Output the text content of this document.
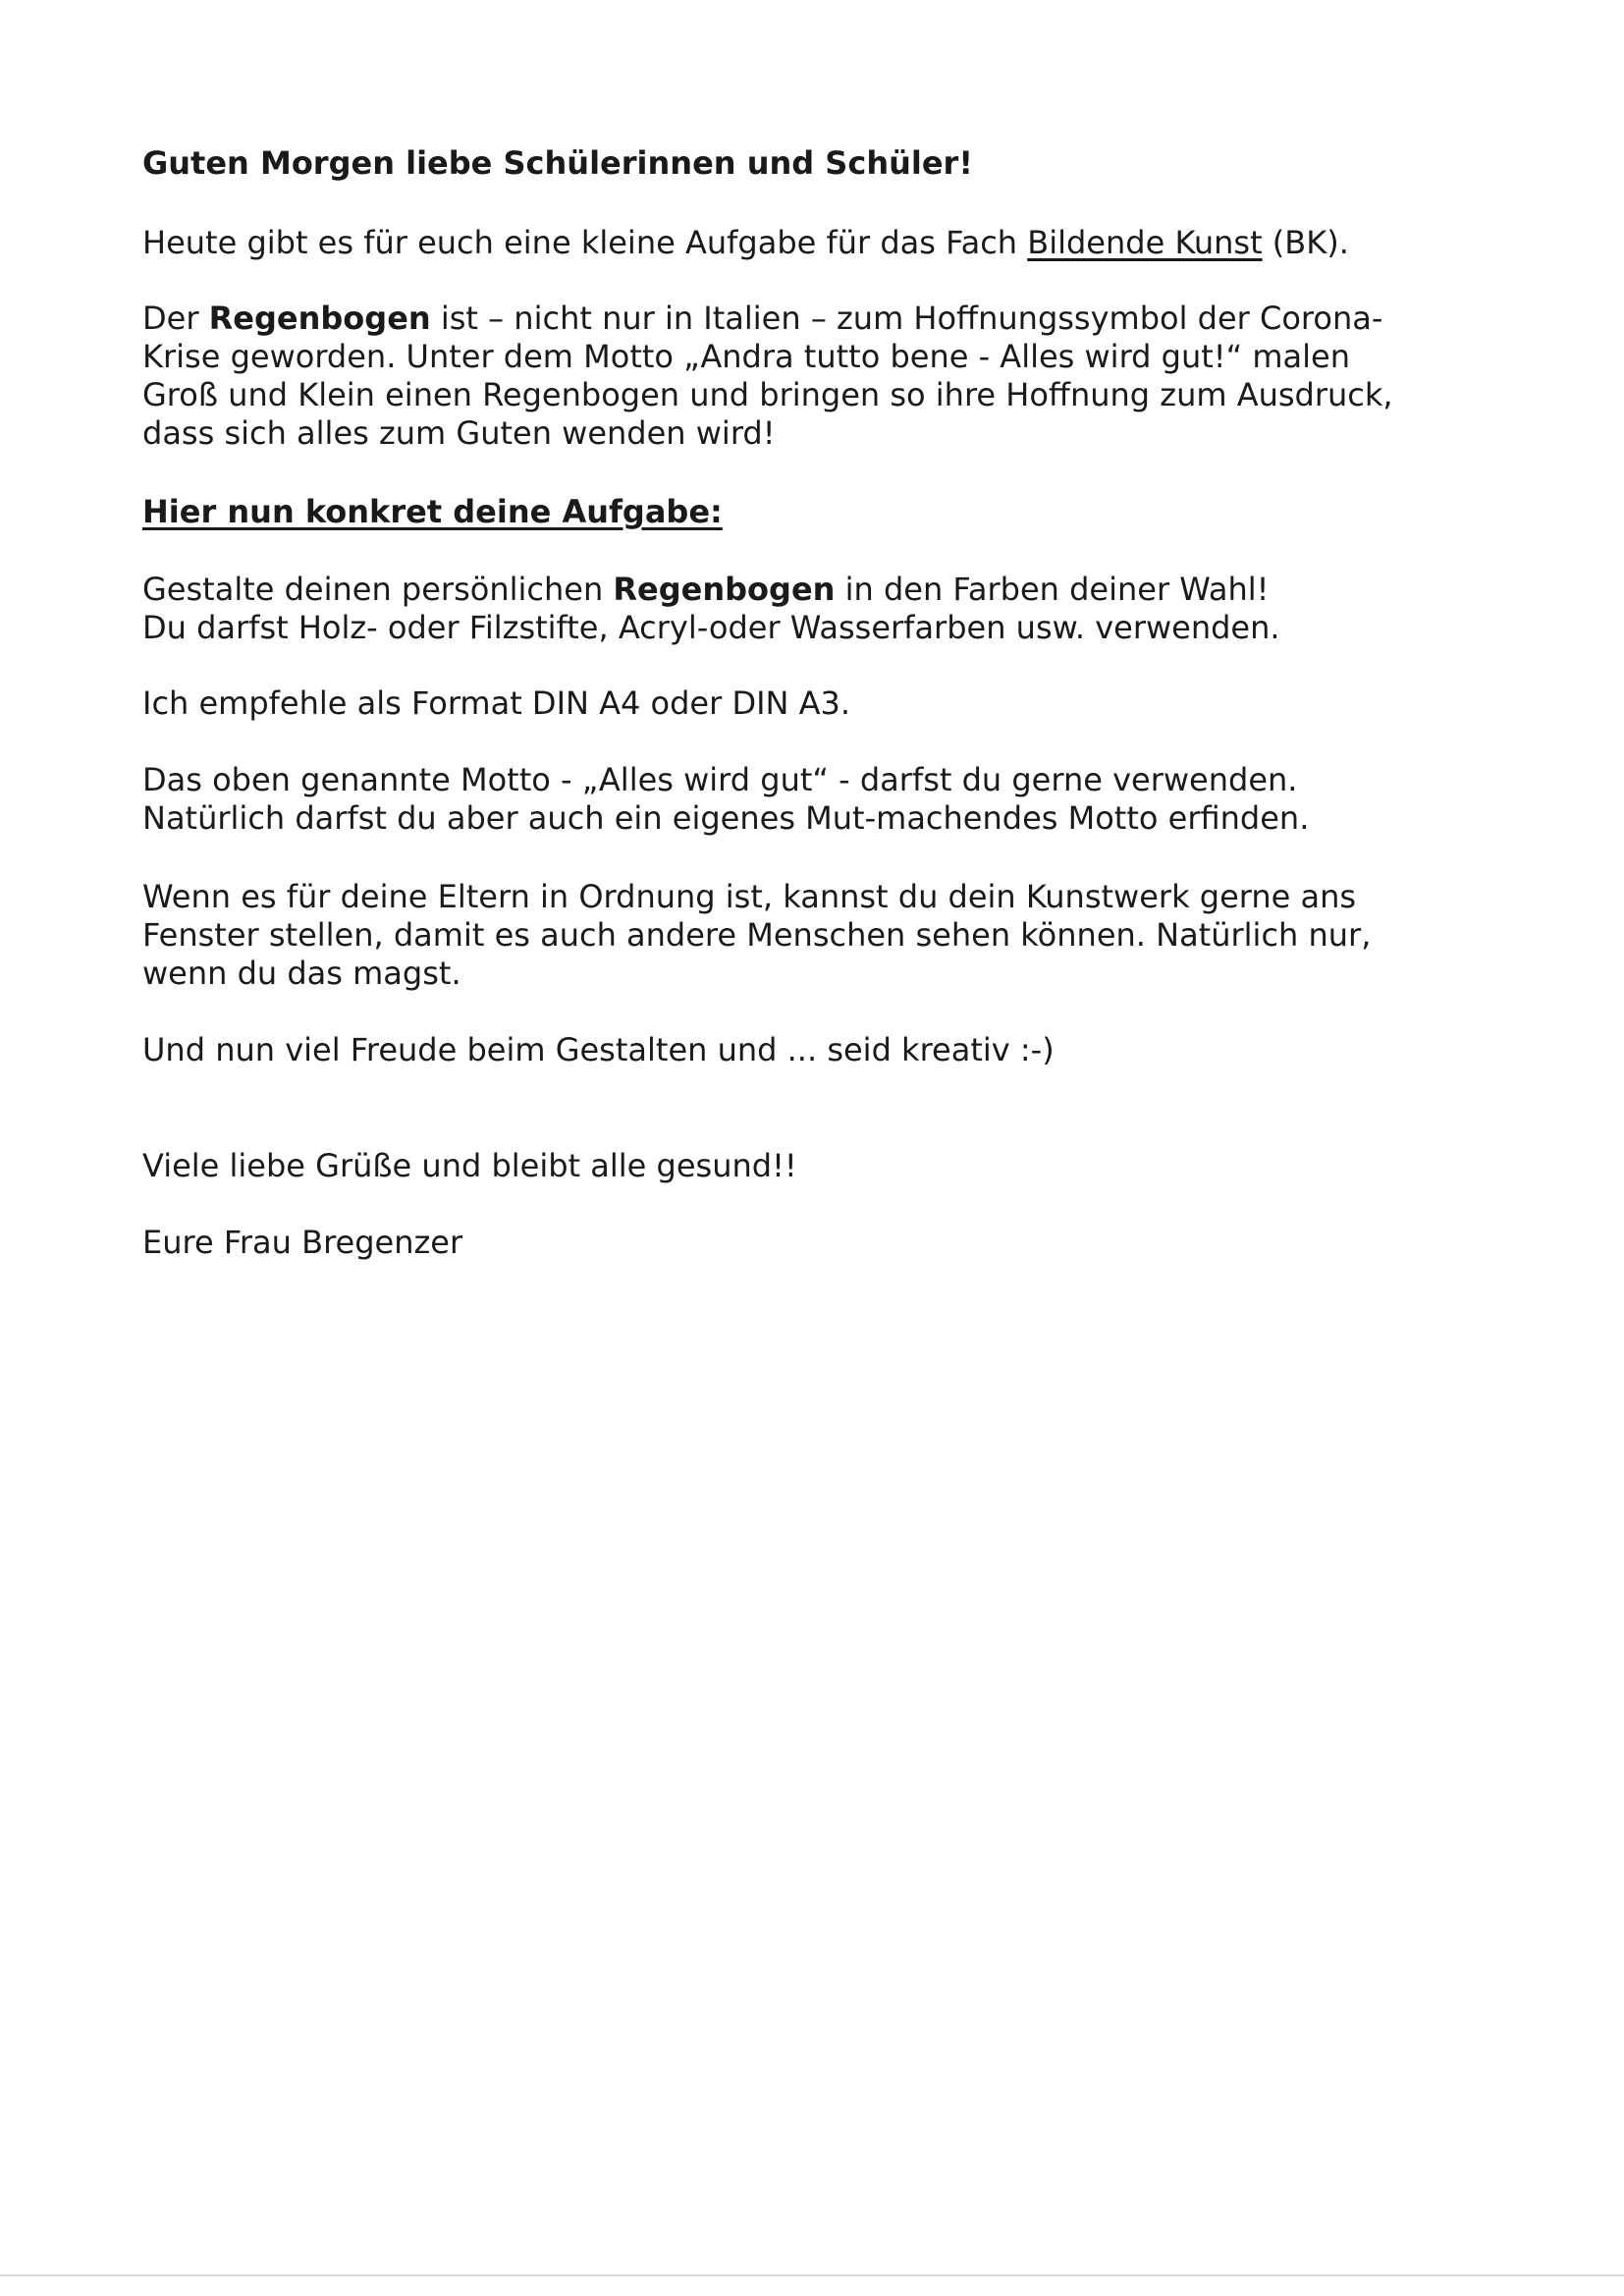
Guten Morgen liebe Schülerinnen und Schüler!

Heute gibt es für euch eine kleine Aufgabe für das Fach Bildende Kunst (BK).

Der Regenbogen ist – nicht nur in Italien – zum Hoffnungssymbol der Corona-
Krise geworden. Unter dem Motto „Andra tutto bene - Alles wird gut!“ malen
Groß und Klein einen Regenbogen und bringen so ihre Hoffnung zum Ausdruck,
dass sich alles zum Guten wenden wird!

Hier nun konkret deine Aufgabe:

Gestalte deinen persönlichen Regenbogen in den Farben deiner Wahl!
Du darfst Holz- oder Filzstifte, Acryl-oder Wasserfarben usw. verwenden.

Ich empfehle als Format DIN A4 oder DIN A3.

Das oben genannte Motto - „Alles wird gut“ - darfst du gerne verwenden.
Natürlich darfst du aber auch ein eigenes Mut-machendes Motto erfinden.

Wenn es für deine Eltern in Ordnung ist, kannst du dein Kunstwerk gerne ans
Fenster stellen, damit es auch andere Menschen sehen können. Natürlich nur,
wenn du das magst.

Und nun viel Freude beim Gestalten und ... seid kreativ :-)

Viele liebe Grüße und bleibt alle gesund!!

Eure Frau Bregenzer
